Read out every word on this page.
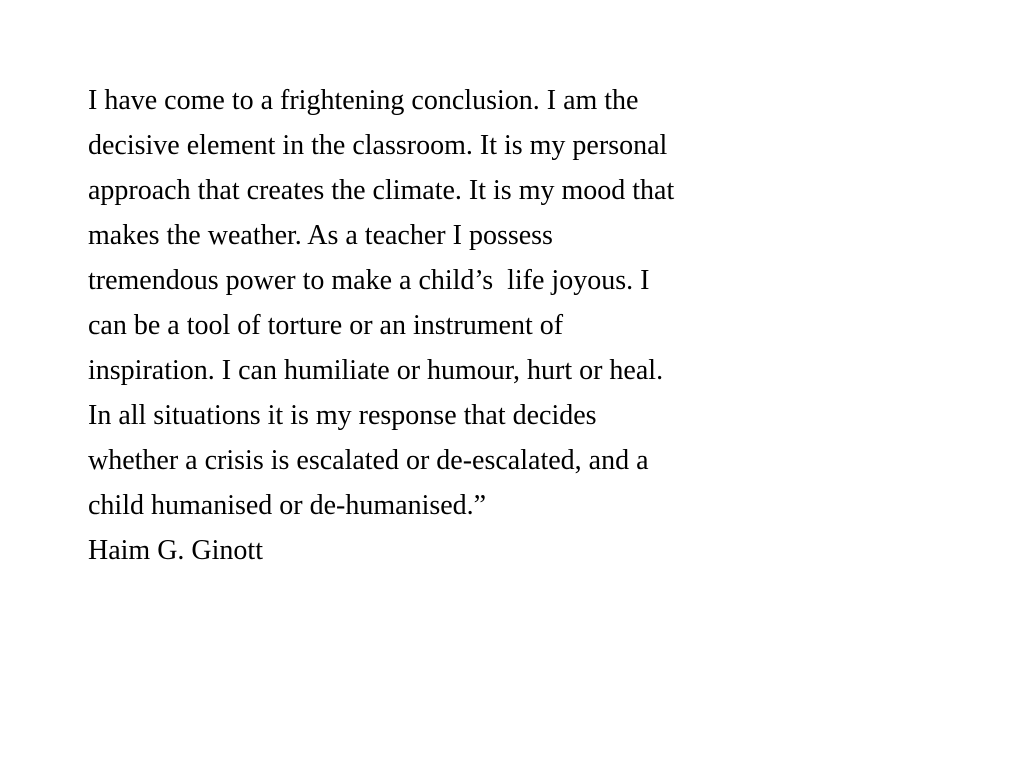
I have come to a frightening conclusion. I am the
decisive element in the classroom. It is my personal
approach that creates the climate. It is my mood that
makes the weather. As a teacher I possess
tremendous power to make a child’s  life joyous. I
can be a tool of torture or an instrument of
inspiration. I can humiliate or humour, hurt or heal.
In all situations it is my response that decides
whether a crisis is escalated or de-escalated, and a
child humanised or de-humanised.”
Haim G. Ginott
